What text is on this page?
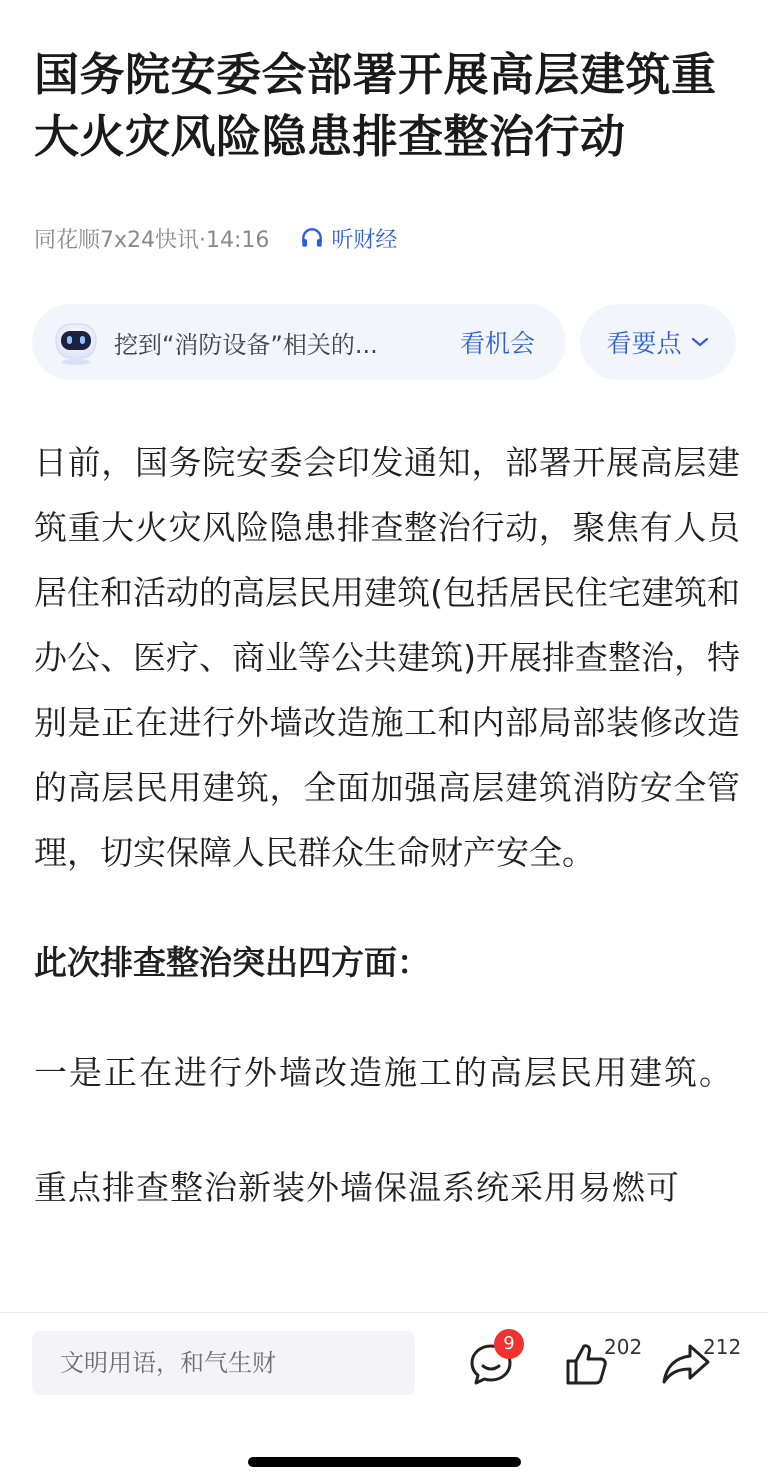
国务院安委会部署开展高层建筑重大火灾风险隐患排查整治行动
同花顺7x24快讯·14:16	听财经
挖到“消防设备”相关的...	看机会	看要点

日前，国务院安委会印发通知，部署开展高层建筑重大火灾风险隐患排查整治行动，聚焦有人员居住和活动的高层民用建筑(包括居民住宅建筑和办公、医疗、商业等公共建筑)开展排查整治，特别是正在进行外墙改造施工和内部局部装修改造的高层民用建筑，全面加强高层建筑消防安全管理，切实保障人民群众生命财产安全。

此次排查整治突出四方面：

一是正在进行外墙改造施工的高层民用建筑。

重点排查整治新装外墙保温系统采用易燃可

文明用语，和气生财
9	202	212
